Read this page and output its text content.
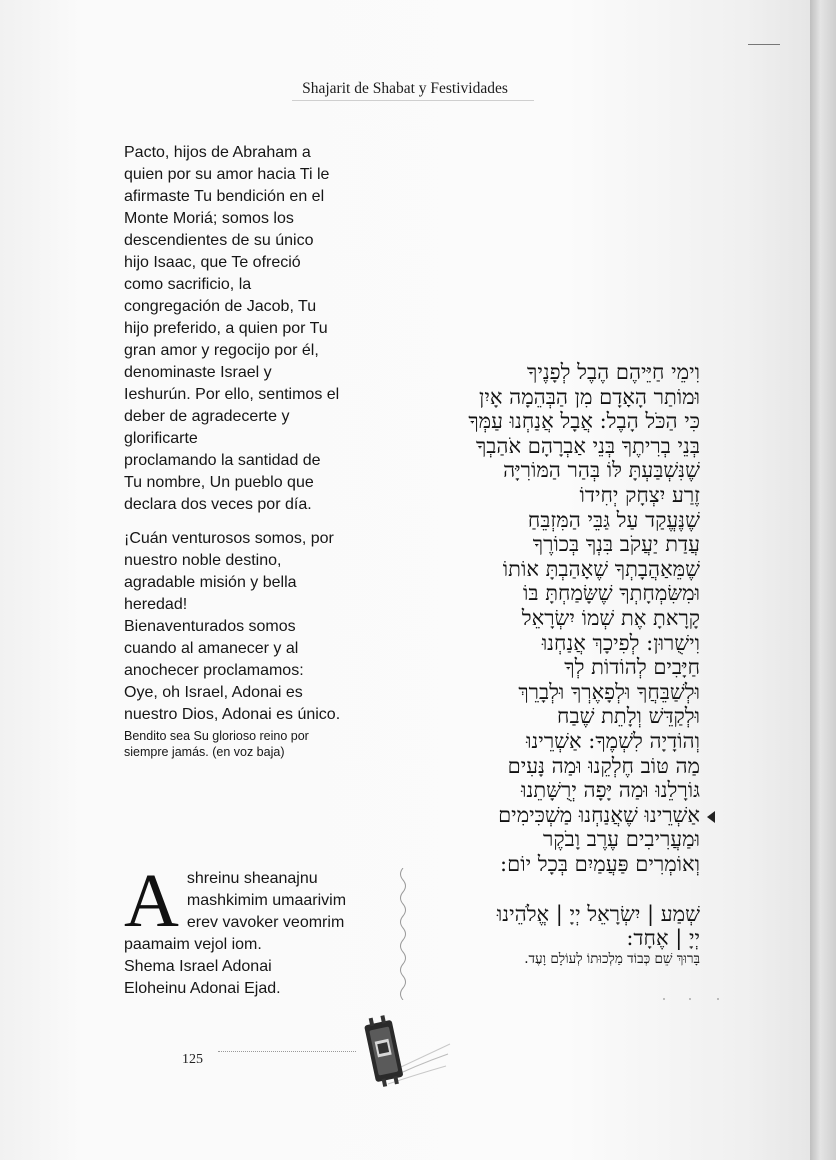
Shajarit de Shabat y Festividades

Pacto, hijos de Abraham a
quien por su amor hacia Ti le
afirmaste Tu bendición en el
Monte Moriá; somos los
descendientes de su único
hijo Isaac, que Te ofreció
como sacrificio, la
congregación de Jacob, Tu
hijo preferido, a quien por Tu
gran amor y regocijo por él,
denominaste Israel y
Ieshurún. Por ello, sentimos el
deber de agradecerte y
glorificarte
proclamando la santidad de
Tu nombre, Un pueblo que
declara dos veces por día.

¡Cuán venturosos somos, por
nuestro noble destino,
agradable misión y bella
heredad!
Bienaventurados somos
cuando al amanecer y al
anochecer proclamamos:
Oye, oh Israel, Adonai es
nuestro Dios, Adonai es único.

Bendito sea Su glorioso reino por
siempre jamás. (en voz baja)

A shreinu sheanajnu
mashkimim umaarivim
erev vavoker veomrim
paamaim vejol iom.
Shema Israel Adonai
Eloheinu Adonai Ejad.
וִימֵי חַיֵּיהֶם הֶבֶל לְפָנֶיךָ
וּמוֹתַר הָאָדָם מִן הַבְּהֵמָה אָיִן
כִּי הַכֹּל הָבֶל: אֲבָל אֲנַחְנוּ עַמְּךָ
בְּנֵי בְרִיתֶךָ בְּנֵי אַבְרָהָם אֹהַבְךָ
שֶׁנִּשְׁבַּעְתָּ לּוֹ בְּהַר הַמּוֹרִיָּה
זֶרַע יִצְחָק יְחִידוֹ
שֶׁנֶּעֱקַד עַל גַּבֵּי הַמִּזְבֵּחַ
עֲדַת יַעֲקֹב בִּנְךָ בְּכוֹרֶךָ
שֶׁמֵּאַהֲבָתְךָ שֶׁאָהַבְתָּ אוֹתוֹ
וּמִשִּׂמְחָתְךָ שֶׁשָּׂמַחְתָּ בּוֹ
קָרָאתָ אֶת שְׁמוֹ יִשְׂרָאֵל
וִישֻׁרוּן: לְפִיכָךְ אֲנַחְנוּ
חַיָּבִים לְהוֹדוֹת לְךָ
וּלְשַׁבֵּחֲךָ וּלְפָאֶרְךָ וּלְבָרֵךְ
וּלְקַדֵּשׁ וְלָתֵת שֶׁבַח
וְהוֹדָיָה לִשְׁמֶךָ: אַשְׁרֵינוּ
מַה טּוֹב חֶלְקֵנוּ וּמַה נָּעִים
גּוֹרָלֵנוּ וּמַה יָּפָה יְרֻשָּׁתֵנוּ
אַשְׁרֵינוּ שֶׁאֲנַחְנוּ מַשְׁכִּימִים
וּמַעֲרִיבִים עֶרֶב וָבֹקֶר
וְאוֹמְרִים פַּעֲמַיִם בְּכָל יוֹם:
שְׁמַע | יִשְׂרָאֵל יְיָ | אֱלֹהֵינוּ
יְיָ | אֶחָד:
בָּרוּךְ שֵׁם כְּבוֹד מַלְכוּתוֹ לְעוֹלָם וָעֶד.
125
